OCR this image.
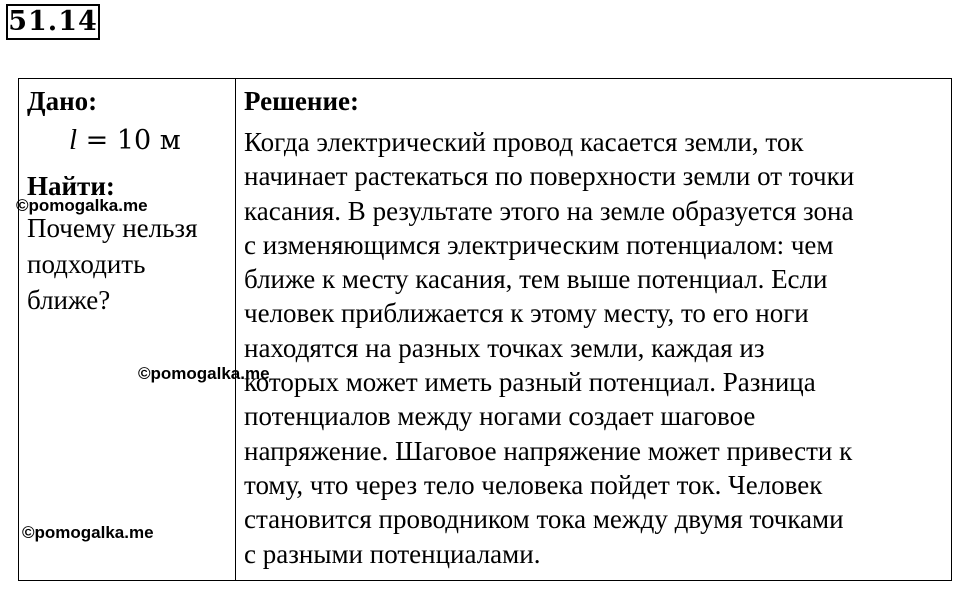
51.14
Дано:
l = 10 м
Найти:
Почему нельзя подходить ближе?
Решение:
Когда электрический провод касается земли, ток
начинает растекаться по поверхности земли от точки
касания. В результате этого на земле образуется зона
с изменяющимся электрическим потенциалом: чем
ближе к месту касания, тем выше потенциал. Если
человек приближается к этому месту, то его ноги
находятся на разных точках земли, каждая из
которых может иметь разный потенциал. Разница
потенциалов между ногами создает шаговое
напряжение. Шаговое напряжение может привести к
тому, что через тело человека пойдет ток. Человек
становится проводником тока между двумя точками
с разными потенциалами.
©pomogalka.me
©pomogalka.me
©pomogalka.me
